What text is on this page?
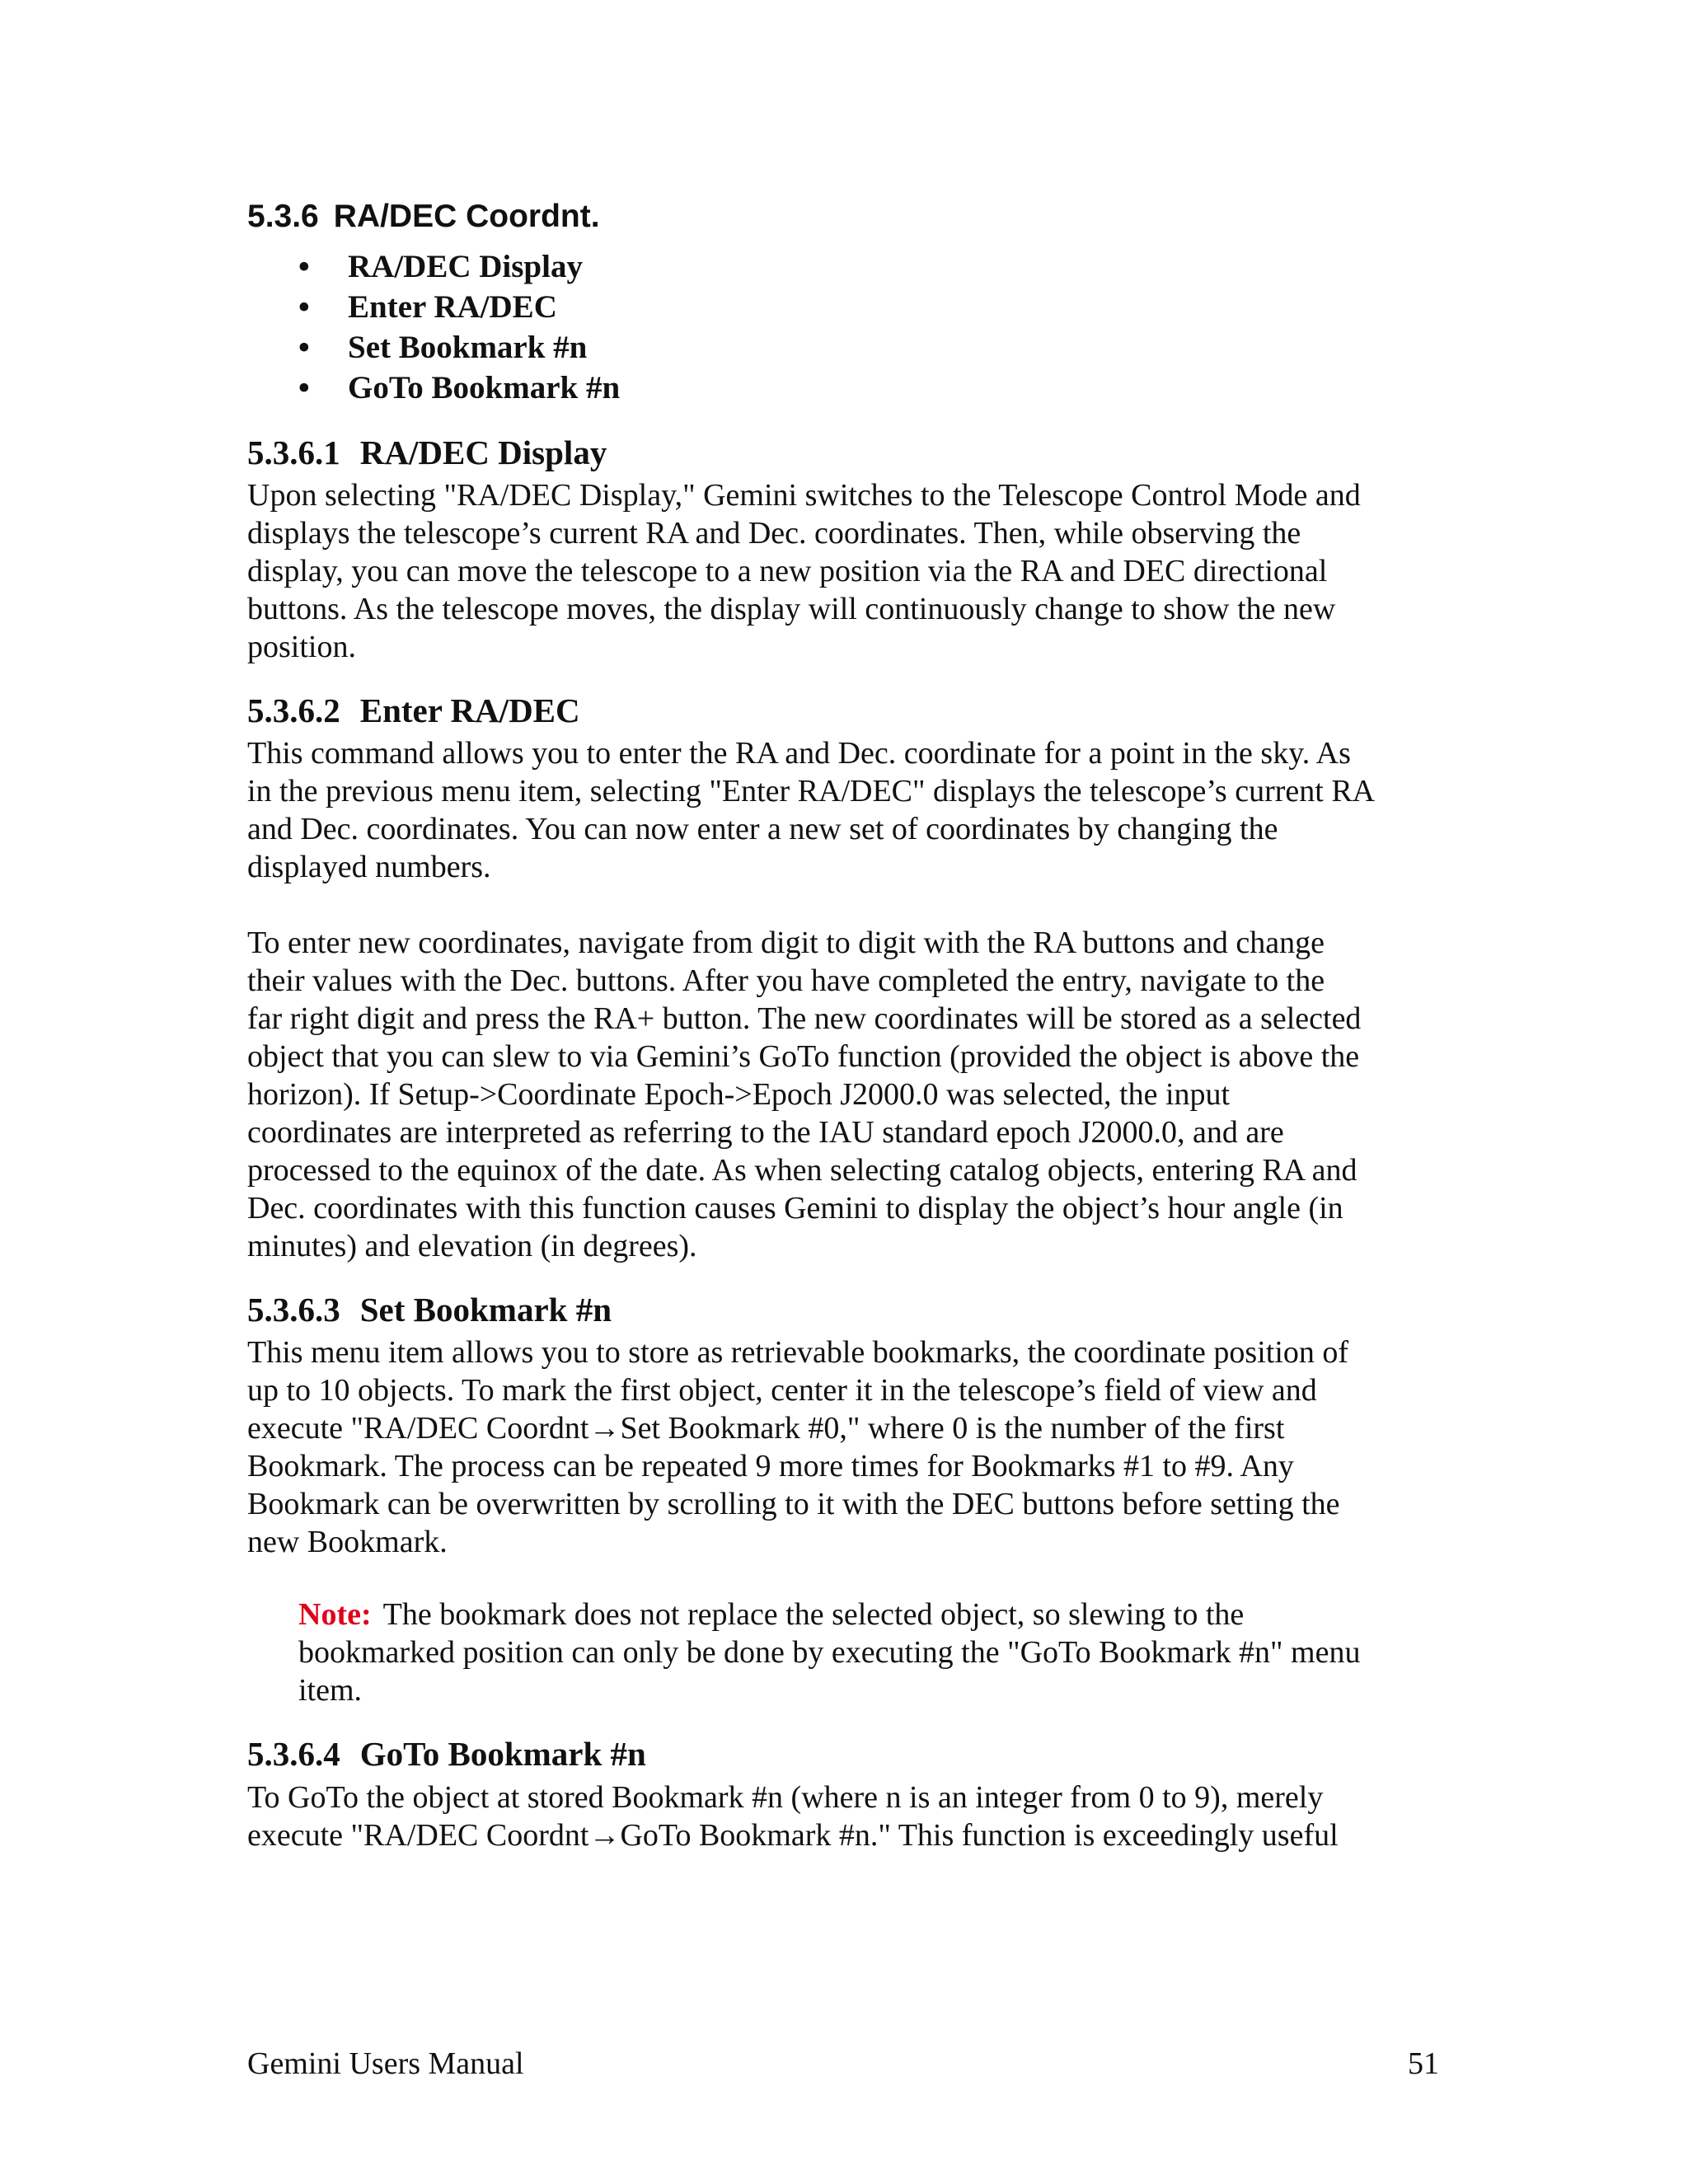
5.3.6 RA/DEC Coordnt.
• RA/DEC Display
• Enter RA/DEC
• Set Bookmark #n
• GoTo Bookmark #n
5.3.6.1 RA/DEC Display

Upon selecting "RA/DEC Display," Gemini switches to the Telescope Control Mode and
displays the telescope’s current RA and Dec. coordinates. Then, while observing the
display, you can move the telescope to a new position via the RA and DEC directional
buttons. As the telescope moves, the display will continuously change to show the new
position.

5.3.6.2 Enter RA/DEC

This command allows you to enter the RA and Dec. coordinate for a point in the sky. As
in the previous menu item, selecting "Enter RA/DEC" displays the telescope’s current RA
and Dec. coordinates. You can now enter a new set of coordinates by changing the
displayed numbers.

To enter new coordinates, navigate from digit to digit with the RA buttons and change
their values with the Dec. buttons. After you have completed the entry, navigate to the
far right digit and press the RA+ button. The new coordinates will be stored as a selected
object that you can slew to via Gemini’s GoTo function (provided the object is above the
horizon). If Setup->Coordinate Epoch->Epoch J2000.0 was selected, the input
coordinates are interpreted as referring to the IAU standard epoch J2000.0, and are
processed to the equinox of the date. As when selecting catalog objects, entering RA and
Dec. coordinates with this function causes Gemini to display the object’s hour angle (in
minutes) and elevation (in degrees).

5.3.6.3 Set Bookmark #n

This menu item allows you to store as retrievable bookmarks, the coordinate position of
up to 10 objects. To mark the first object, center it in the telescope’s field of view and
execute "RA/DEC Coordnt→Set Bookmark #0," where 0 is the number of the first
Bookmark. The process can be repeated 9 more times for Bookmarks #1 to #9. Any
Bookmark can be overwritten by scrolling to it with the DEC buttons before setting the
new Bookmark.

Note: The bookmark does not replace the selected object, so slewing to the
bookmarked position can only be done by executing the "GoTo Bookmark #n" menu
item.
5.3.6.4 GoTo Bookmark #n

To GoTo the object at stored Bookmark #n (where n is an integer from 0 to 9), merely
execute "RA/DEC Coordnt→GoTo Bookmark #n." This function is exceedingly useful

Gemini Users Manual	51
